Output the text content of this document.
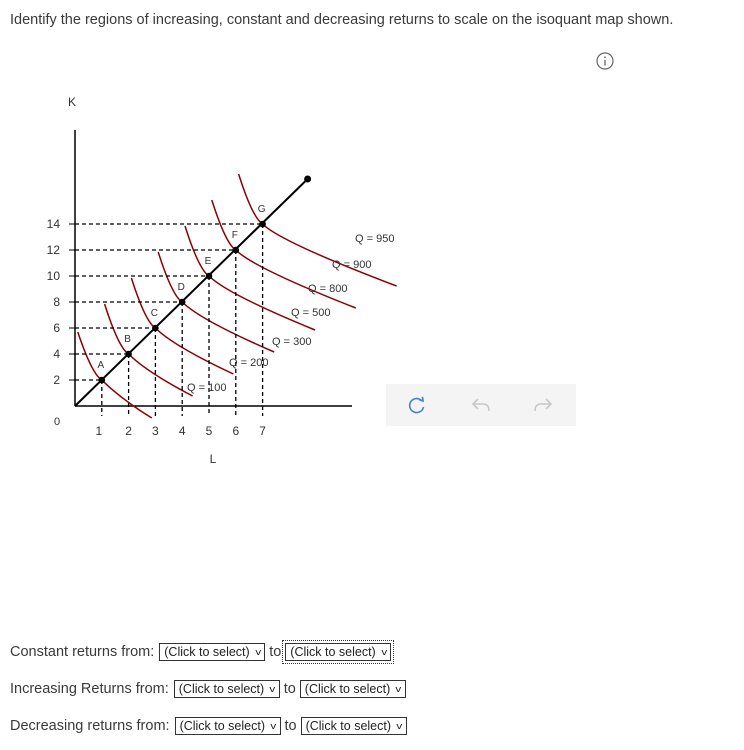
Identify the regions of increasing, constant and decreasing returns to scale on the isoquant map shown.
K
L
0
14
12
10
8
6
4
2
1 2 3 4 5 6 7
A
B
C
D
E
F
G
Q = 100
Q = 200
Q = 300
Q = 500
Q = 800
Q = 900
Q = 950
Constant returns from: (Click to select) v to (Click to select) v
Increasing Returns from: (Click to select) v to (Click to select) v
Decreasing returns from: (Click to select) v to (Click to select) v
